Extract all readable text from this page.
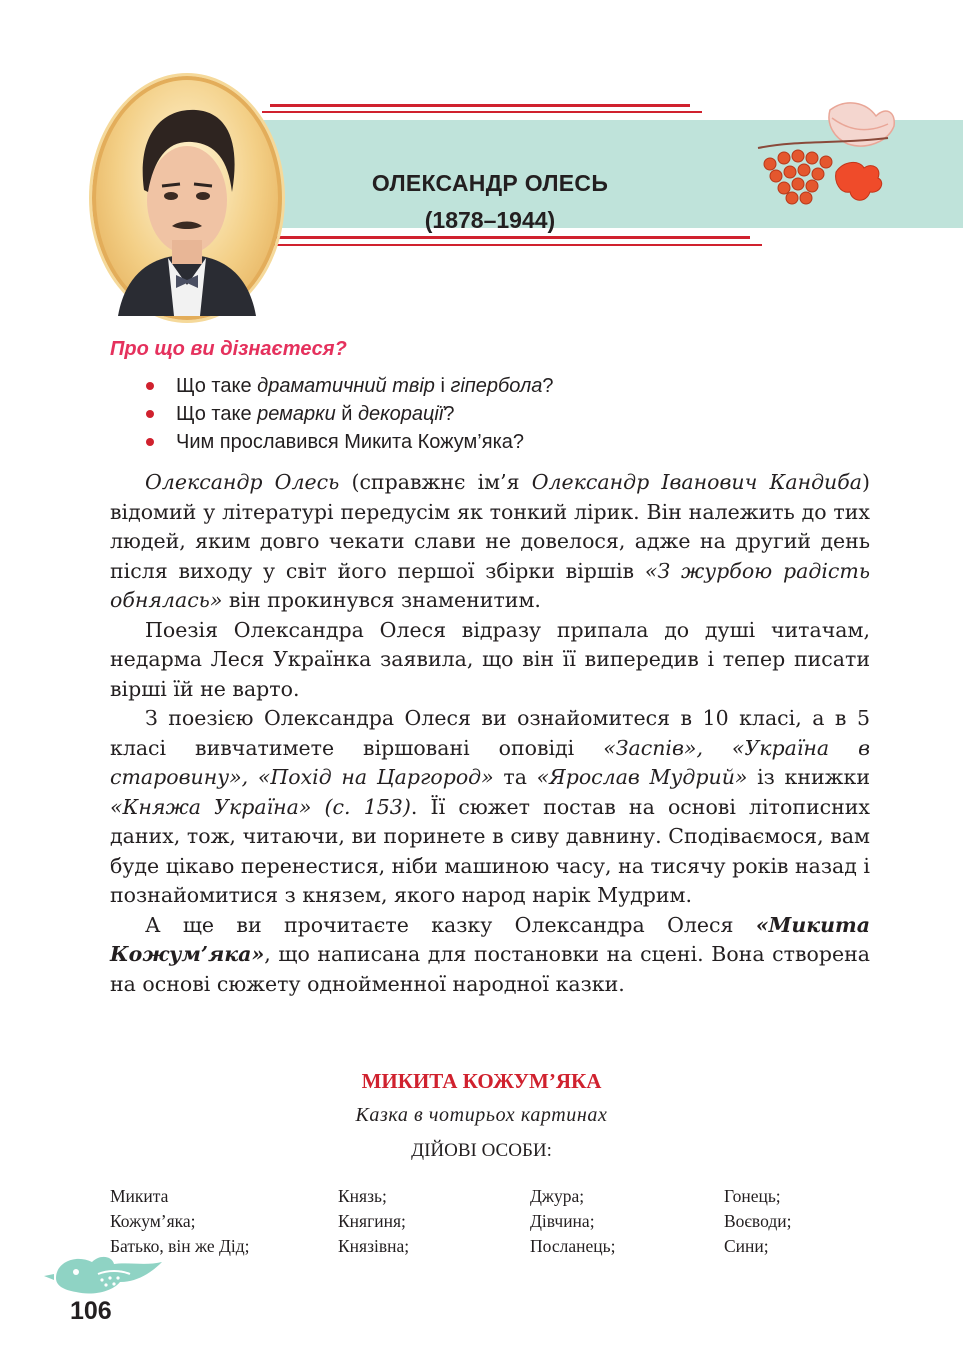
ОЛЕКСАНДР ОЛЕСЬ
(1878–1944)
Про що ви дізнаєтеся?
Що таке драматичний твір і гіпербола?
Що таке ремарки й декорації?
Чим прославився Микита Кожум’яка?

Олександр Олесь (справжнє ім’я Олександр Іванович Кандиба) відомий у літературі передусім як тонкий лірик. Він належить до тих людей, яким довго чекати слави не довелося, адже на другий день після виходу у світ його першої збірки віршів «З журбою радість обнялась» він прокинувся знаменитим.

Поезія Олександра Олеся відразу припала до душі читачам, недарма Леся Українка заявила, що він її випередив і тепер писати вірші їй не варто.

З поезією Олександра Олеся ви ознайомитеся в 10 класі, а в 5 класі вивчатимете віршовані оповіді «Заспів», «Україна в старовину», «Похід на Царгород» та «Ярослав Мудрий» із книжки «Княжа Україна» (с. 153). Її сюжет постав на основі літописних даних, тож, читаючи, ви поринете в сиву давнину. Сподіваємося, вам буде цікаво перенестися, ніби машиною часу, на тисячу років назад і познайомитися з князем, якого народ нарік Мудрим.

А ще ви прочитаєте казку Олександра Олеся «Микита Кожум’яка», що написана для постановки на сцені. Вона створена на основі сюжету однойменної народної казки.

МИКИТА КОЖУМ’ЯКА
Казка в чотирьох картинах
ДІЙОВІ ОСОБИ:
Микита
Кожум’яка;
Батько, він же Дід;
Князь;
Княгиня;
Князівна;
Джура;
Дівчина;
Посланець;
Гонець;
Воєводи;
Сини;
106
